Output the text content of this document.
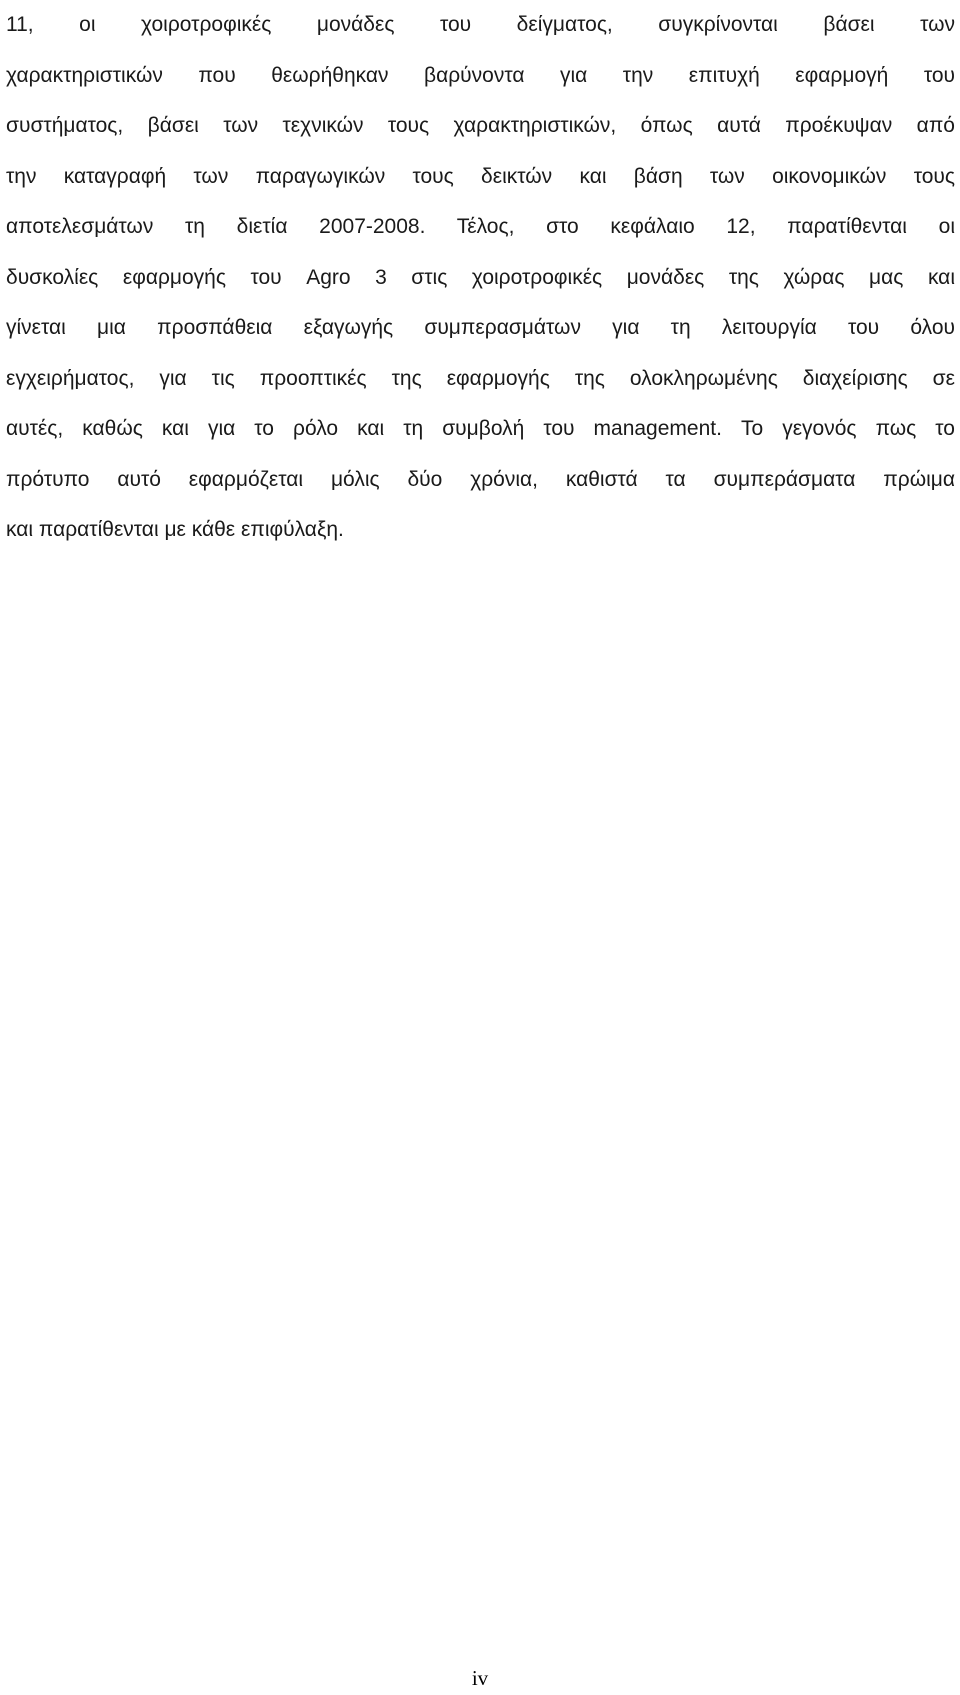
11, οι χοιροτροφικές μονάδες του δείγματος, συγκρίνονται βάσει των
χαρακτηριστικών που θεωρήθηκαν βαρύνοντα για την επιτυχή εφαρμογή του
συστήματος, βάσει των τεχνικών τους χαρακτηριστικών, όπως αυτά προέκυψαν από
την καταγραφή των παραγωγικών τους δεικτών και βάση των οικονομικών τους
αποτελεσμάτων τη διετία 2007-2008. Τέλος, στο κεφάλαιο 12, παρατίθενται οι
δυσκολίες εφαρμογής του Agro 3 στις χοιροτροφικές μονάδες της χώρας μας και
γίνεται μια προσπάθεια εξαγωγής συμπερασμάτων για τη λειτουργία του όλου
εγχειρήματος, για τις προοπτικές της εφαρμογής της ολοκληρωμένης διαχείρισης σε
αυτές, καθώς και για το ρόλο και τη συμβολή του management. Το γεγονός πως το
πρότυπο αυτό εφαρμόζεται μόλις δύο χρόνια, καθιστά τα συμπεράσματα πρώιμα
και παρατίθενται με κάθε επιφύλαξη.
iv
